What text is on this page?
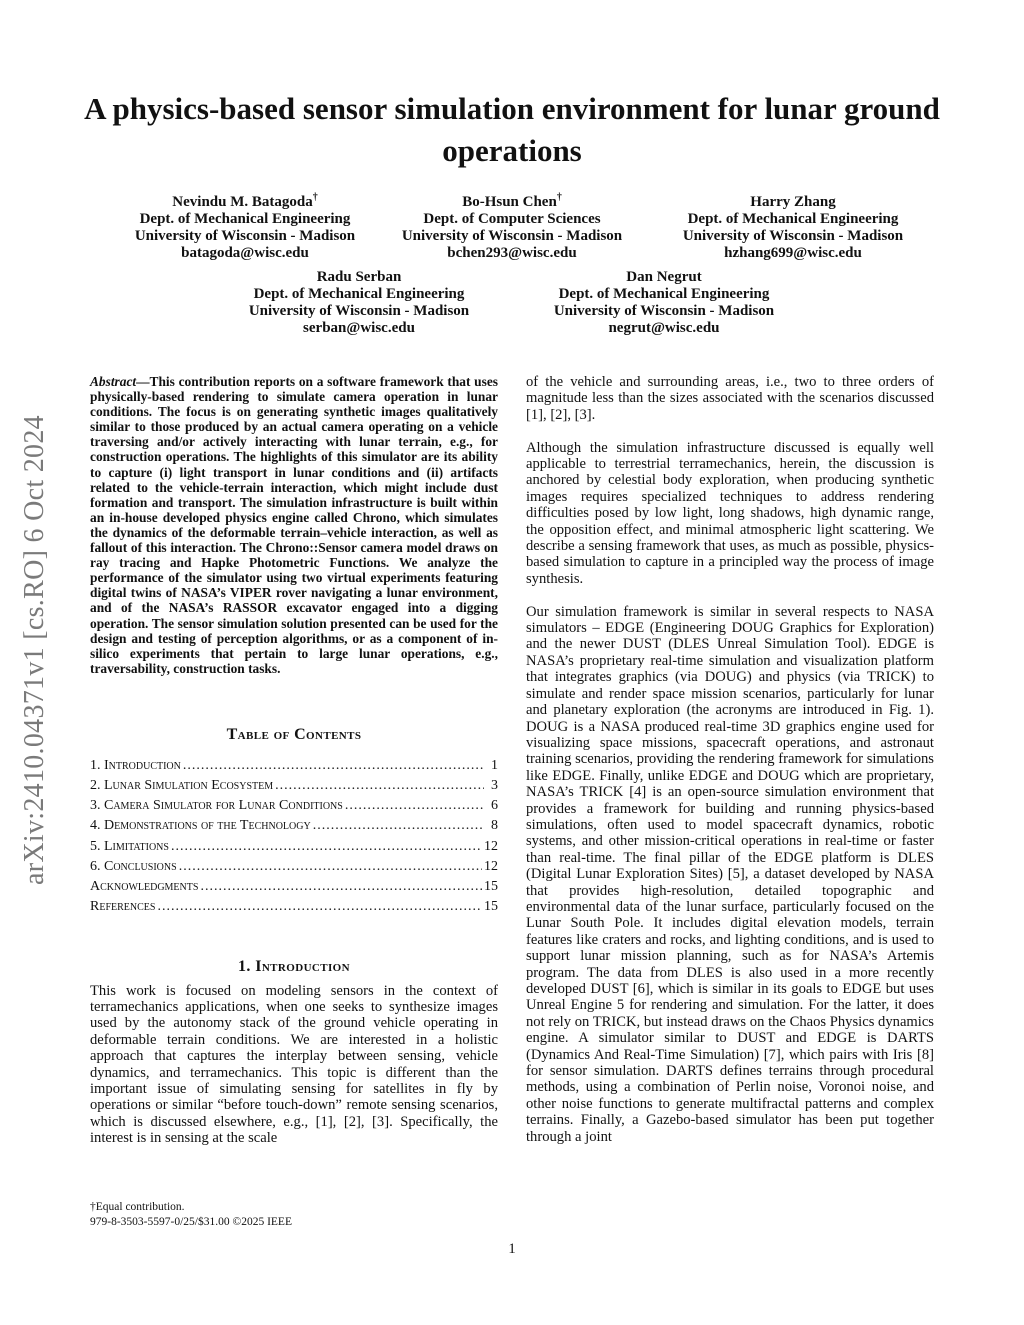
A physics-based sensor simulation environment for lunar ground operations
Nevindu M. Batagoda†
Dept. of Mechanical Engineering
University of Wisconsin - Madison
batagoda@wisc.edu
Bo-Hsun Chen†
Dept. of Computer Sciences
University of Wisconsin - Madison
bchen293@wisc.edu
Harry Zhang
Dept. of Mechanical Engineering
University of Wisconsin - Madison
hzhang699@wisc.edu
Radu Serban
Dept. of Mechanical Engineering
University of Wisconsin - Madison
serban@wisc.edu
Dan Negrut
Dept. of Mechanical Engineering
University of Wisconsin - Madison
negrut@wisc.edu
arXiv:2410.04371v1 [cs.RO] 6 Oct 2024

Abstract—This contribution reports on a software framework that uses physically-based rendering to simulate camera operation in lunar conditions. The focus is on generating synthetic images qualitatively similar to those produced by an actual camera operating on a vehicle traversing and/or actively interacting with lunar terrain, e.g., for construction operations. The highlights of this simulator are its ability to capture (i) light transport in lunar conditions and (ii) artifacts related to the vehicle-terrain interaction, which might include dust formation and transport. The simulation infrastructure is built within an in-house developed physics engine called Chrono, which simulates the dynamics of the deformable terrain–vehicle interaction, as well as fallout of this interaction. The Chrono::Sensor camera model draws on ray tracing and Hapke Photometric Functions. We analyze the performance of the simulator using two virtual experiments featuring digital twins of NASA’s VIPER rover navigating a lunar environment, and of the NASA’s RASSOR excavator engaged into a digging operation. The sensor simulation solution presented can be used for the design and testing of perception algorithms, or as a component of in-silico experiments that pertain to large lunar operations, e.g., traversability, construction tasks.

Table of Contents
1. Introduction .....	1
2. Lunar Simulation Ecosystem .....	3
3. Camera Simulator for Lunar Conditions .....	6
4. Demonstrations of the Technology .....	8
5. Limitations .....	12
6. Conclusions .....	12
Acknowledgments .....	15
References .....	15
1. Introduction

This work is focused on modeling sensors in the context of terramechanics applications, when one seeks to synthesize images used by the autonomy stack of the ground vehicle operating in deformable terrain conditions. We are interested in a holistic approach that captures the interplay between sensing, vehicle dynamics, and terramechanics. This topic is different than the important issue of simulating sensing for satellites in fly by operations or similar “before touch-down” remote sensing scenarios, which is discussed elsewhere, e.g., [1], [2], [3]. Specifically, the interest is in sensing at the scale

of the vehicle and surrounding areas, i.e., two to three orders of magnitude less than the sizes associated with the scenarios discussed [1], [2], [3].

Although the simulation infrastructure discussed is equally well applicable to terrestrial terramechanics, herein, the discussion is anchored by celestial body exploration, when producing synthetic images requires specialized techniques to address rendering difficulties posed by low light, long shadows, high dynamic range, the opposition effect, and minimal atmospheric light scattering. We describe a sensing framework that uses, as much as possible, physics-based simulation to capture in a principled way the process of image synthesis.

Our simulation framework is similar in several respects to NASA simulators – EDGE (Engineering DOUG Graphics for Exploration) and the newer DUST (DLES Unreal Simulation Tool). EDGE is NASA’s proprietary real-time simulation and visualization platform that integrates graphics (via DOUG) and physics (via TRICK) to simulate and render space mission scenarios, particularly for lunar and planetary exploration (the acronyms are introduced in Fig. 1). DOUG is a NASA produced real-time 3D graphics engine used for visualizing space missions, spacecraft operations, and astronaut training scenarios, providing the rendering framework for simulations like EDGE. Finally, unlike EDGE and DOUG which are proprietary, NASA’s TRICK [4] is an open-source simulation environment that provides a framework for building and running physics-based simulations, often used to model spacecraft dynamics, robotic systems, and other mission-critical operations in real-time or faster than real-time. The final pillar of the EDGE platform is DLES (Digital Lunar Exploration Sites) [5], a dataset developed by NASA that provides high-resolution, detailed topographic and environmental data of the lunar surface, particularly focused on the Lunar South Pole. It includes digital elevation models, terrain features like craters and rocks, and lighting conditions, and is used to support lunar mission planning, such as for NASA’s Artemis program. The data from DLES is also used in a more recently developed DUST [6], which is similar in its goals to EDGE but uses Unreal Engine 5 for rendering and simulation. For the latter, it does not rely on TRICK, but instead draws on the Chaos Physics dynamics engine. A simulator similar to DUST and EDGE is DARTS (Dynamics And Real-Time Simulation) [7], which pairs with Iris [8] for sensor simulation. DARTS defines terrains through procedural methods, using a combination of Perlin noise, Voronoi noise, and other noise functions to generate multifractal patterns and complex terrains. Finally, a Gazebo-based simulator has been put together through a joint

†Equal contribution.
979-8-3503-5597-0/25/$31.00 ©2025 IEEE
1
